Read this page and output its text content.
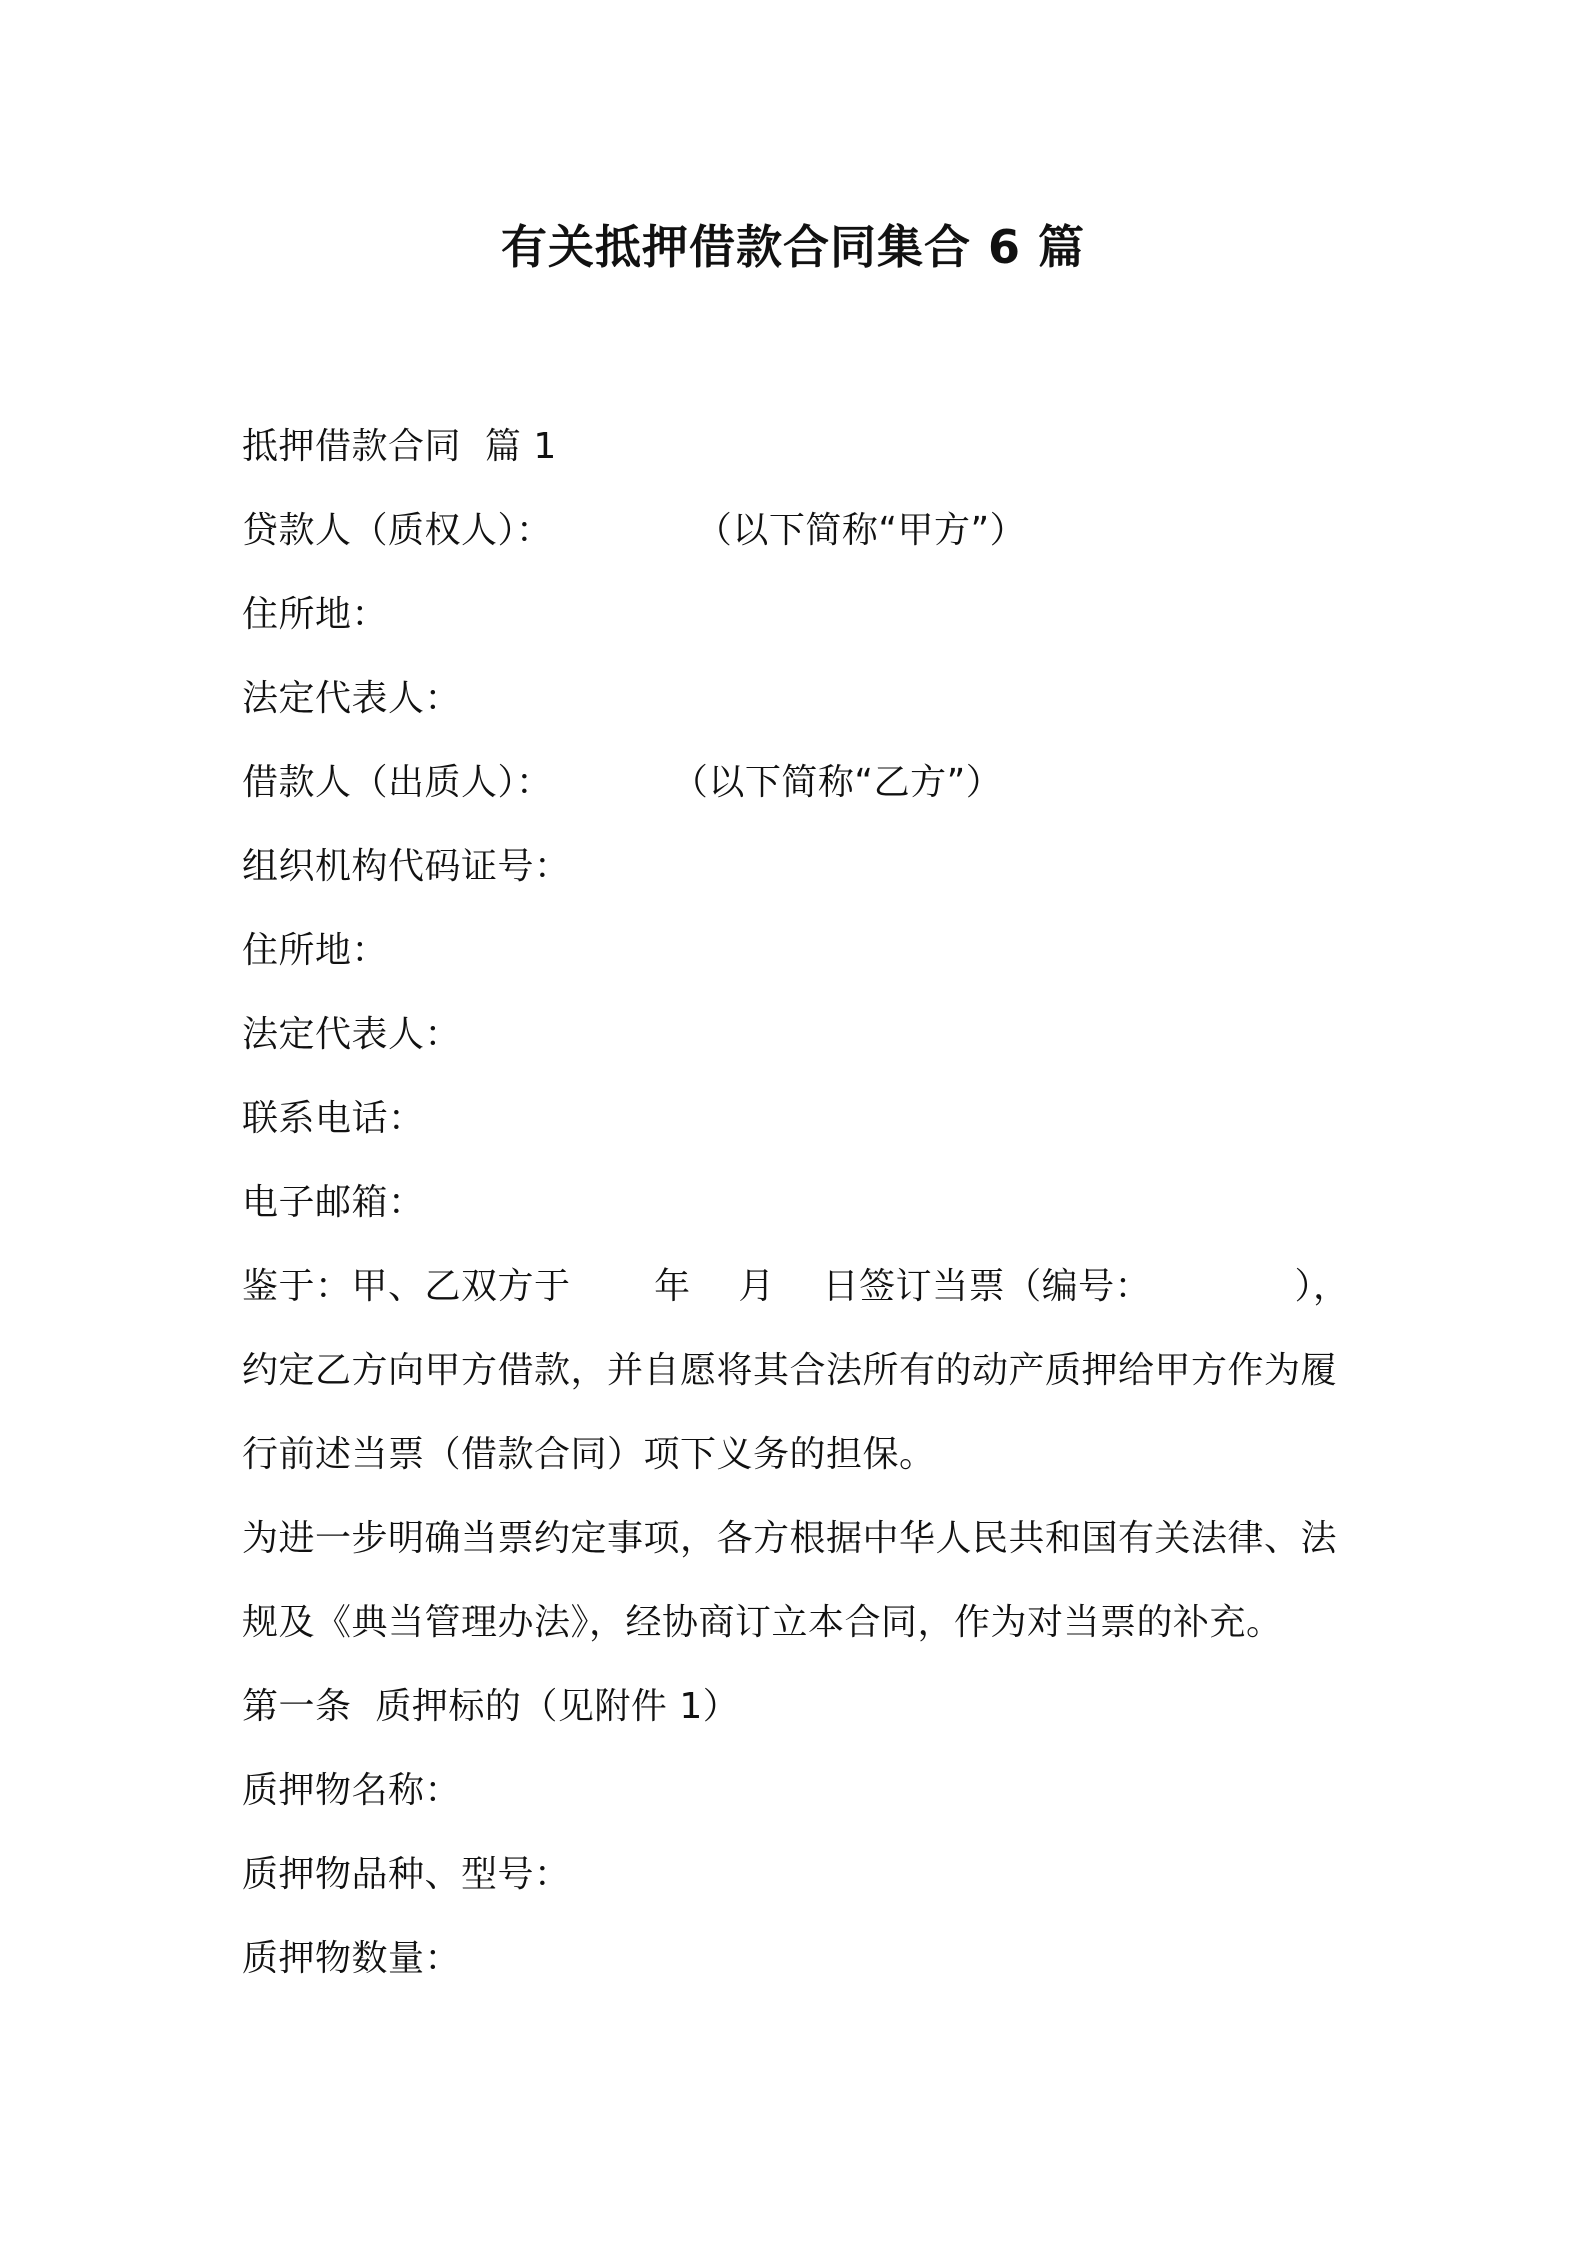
有关抵押借款合同集合 6 篇
抵押借款合同  篇 1
贷款人（质权人）：            （以下简称“甲方”）
住所地：
法定代表人：
借款人（出质人）：          （以下简称“乙方”）
组织机构代码证号：
住所地：
法定代表人：
联系电话：
电子邮箱：
鉴于：甲、乙双方于       年    月    日签订当票（编号：            ），
约定乙方向甲方借款，并自愿将其合法所有的动产质押给甲方作为履
行前述当票（借款合同）项下义务的担保。
为进一步明确当票约定事项，各方根据中华人民共和国有关法律、法
规及《典当管理办法》，经协商订立本合同，作为对当票的补充。
第一条  质押标的（见附件 1）
质押物名称：
质押物品种、型号：
质押物数量：
